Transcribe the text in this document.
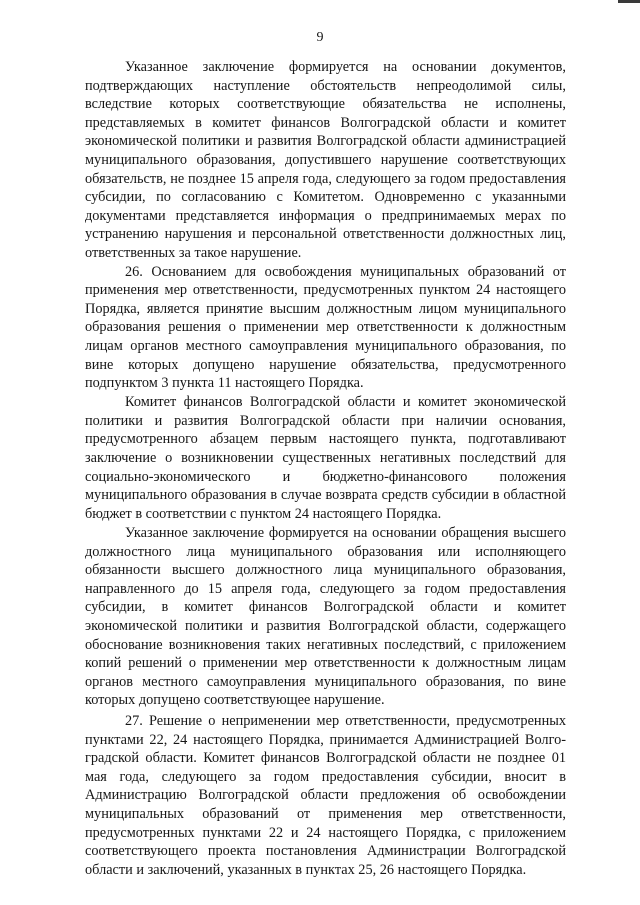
9

Указанное заключение формируется на основании документов, подтверждающих наступление обстоятельств непреодолимой силы, вследствие которых соответствующие обязательства не исполнены, представляемых в комитет финансов Волгоградской области и комитет экономической политики и развития Волгоградской области администрацией муниципального образования, допустившего нарушение соответствующих обязательств, не позднее 15 апреля года, следующего за годом предоставления субсидии, по согласованию с Комитетом. Одновременно с указанными документами представляется информация о предпринимаемых мерах по устранению нарушения и персональной ответственности должностных лиц, ответственных за такое нарушение.

26. Основанием для освобождения муниципальных образований от применения мер ответственности, предусмотренных пунктом 24 настоящего Порядка, является принятие высшим должностным лицом муниципального образования решения о применении мер ответственности к должностным лицам органов местного самоуправления муниципального образования, по вине которых допущено нарушение обязательства, предусмотренного подпунктом 3 пункта 11 настоящего Порядка.

Комитет финансов Волгоградской области и комитет экономической политики и развития Волгоградской области при наличии основания, предусмотренного абзацем первым настоящего пункта, подготавливают заключение о возникновении существенных негативных последствий для социально-экономического и бюджетно-финансового положения муниципального образования в случае возврата средств субсидии в областной бюджет в соответствии с пунктом 24 настоящего Порядка.

Указанное заключение формируется на основании обращения высшего должностного лица муниципального образования или исполняющего обязанности высшего должностного лица муниципального образования, направленного до 15 апреля года, следующего за годом предоставления субсидии, в комитет финансов Волгоградской области и комитет экономической политики и развития Волгоградской области, содержащего обоснование возникновения таких негативных последствий, с приложением копий решений о применении мер ответственности к должностным лицам органов местного самоуправления муниципального образования, по вине которых допущено соответствующее нарушение.

27. Решение о неприменении мер ответственности, предусмотренных пунктами 22, 24 настоящего Порядка, принимается Администрацией Волгоградской области. Комитет финансов Волгоградской области не позднее 01 мая года, следующего за годом предоставления субсидии, вносит в Администрацию Волгоградской области предложения об освобождении муниципальных образований от применения мер ответственности, предусмотренных пунктами 22 и 24 настоящего Порядка, с приложением соответствующего проекта постановления Администрации Волгоградской области и заключений, указанных в пунктах 25, 26 настоящего Порядка.
